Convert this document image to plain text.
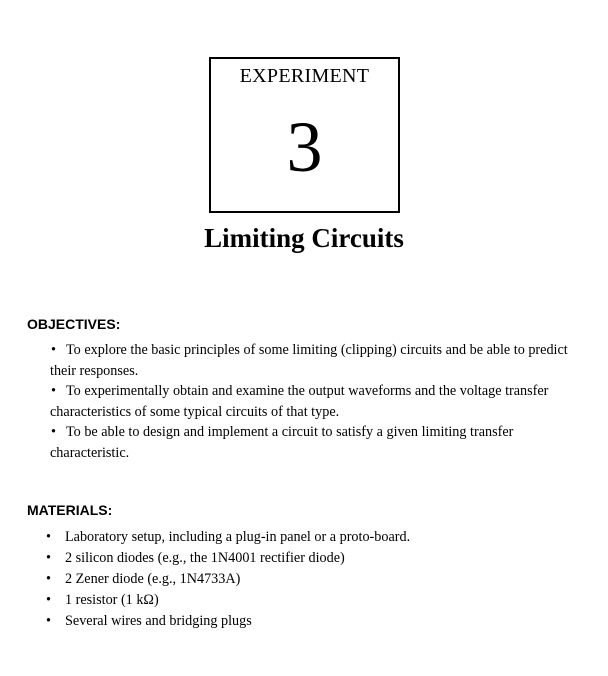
EXPERIMENT
3
Limiting Circuits
OBJECTIVES:
• To explore the basic principles of some limiting (clipping) circuits and be able to predict their responses.
• To experimentally obtain and examine the output waveforms and the voltage transfer characteristics of some typical circuits of that type.
• To be able to design and implement a circuit to satisfy a given limiting transfer characteristic.
MATERIALS:
• Laboratory setup, including a plug-in panel or a proto-board.
• 2 silicon diodes (e.g., the 1N4001 rectifier diode)
• 2 Zener diode (e.g., 1N4733A)
• 1 resistor (1 kΩ)
• Several wires and bridging plugs
